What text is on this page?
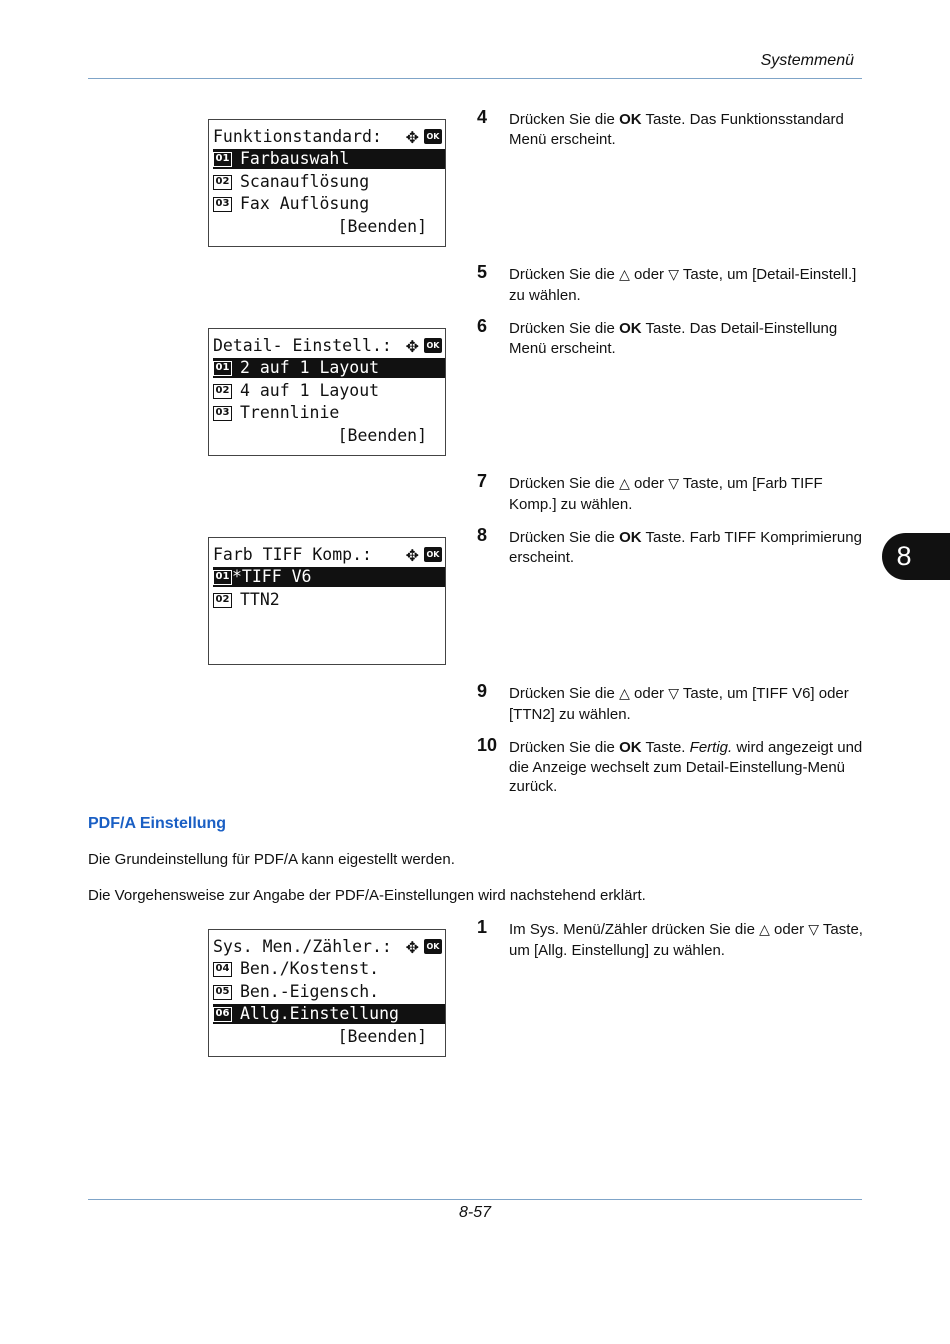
Systemmenü
8
Funktionstandard: ✥ OK
01 Farbauswahl
02 Scanauflösung
03 Fax Auflösung
[Beenden]
Detail- Einstell.: ✥ OK
01 2 auf 1 Layout
02 4 auf 1 Layout
03 Trennlinie
[Beenden]
Farb TIFF Komp.: ✥ OK
01 *TIFF V6
02 TTN2
Sys. Men./Zähler.: ✥ OK
04 Ben./Kostenst.
05 Ben.-Eigensch.
06 Allg.Einstellung
[Beenden]
4 Drücken Sie die OK Taste. Das Funktionsstandard Menü erscheint.
5 Drücken Sie die △ oder ▽ Taste, um [Detail-Einstell.] zu wählen.
6 Drücken Sie die OK Taste. Das Detail-Einstellung Menü erscheint.
7 Drücken Sie die △ oder ▽ Taste, um [Farb TIFF Komp.] zu wählen.
8 Drücken Sie die OK Taste. Farb TIFF Komprimierung erscheint.
9 Drücken Sie die △ oder ▽ Taste, um [TIFF V6] oder [TTN2] zu wählen.
10 Drücken Sie die OK Taste. Fertig. wird angezeigt und die Anzeige wechselt zum Detail-Einstellung-Menü zurück.
PDF/A Einstellung
Die Grundeinstellung für PDF/A kann eigestellt werden.
Die Vorgehensweise zur Angabe der PDF/A-Einstellungen wird nachstehend erklärt.
1 Im Sys. Menü/Zähler drücken Sie die △ oder ▽ Taste, um [Allg. Einstellung] zu wählen.
8-57
